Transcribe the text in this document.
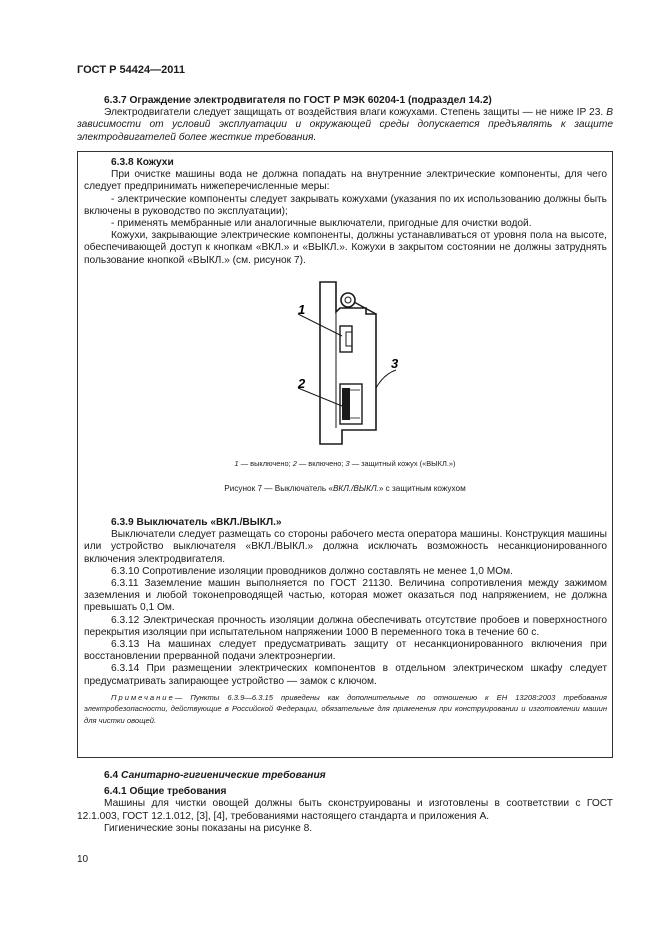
ГОСТ Р 54424—2011

6.3.7 Ограждение электродвигателя по ГОСТ Р МЭК 60204-1 (подраздел 14.2)

Электродвигатели следует защищать от воздействия влаги кожухами. Степень защиты — не ниже IP 23. В зависимости от условий эксплуатации и окружающей среды допускается предъявлять к защите электродвигателей более жесткие требования.

6.3.8 Кожухи

При очистке машины вода не должна попадать на внутренние электрические компоненты, для чего следует предпринимать нижеперечисленные меры:

- электрические компоненты следует закрывать кожухами (указания по их использованию должны быть включены в руководство по эксплуатации);

- применять мембранные или аналогичные выключатели, пригодные для очистки водой.

Кожухи, закрывающие электрические компоненты, должны устанавливаться от уровня пола на высоте, обеспечивающей доступ к кнопкам «ВКЛ.» и «ВЫКЛ.». Кожухи в закрытом состоянии не должны затруднять пользование кнопкой «ВЫКЛ.» (см. рисунок 7).

1
2
3
1 — выключено; 2 — включено; 3 — защитный кожух («ВЫКЛ.»)
Рисунок 7 — Выключатель «ВКЛ./ВЫКЛ.» с защитным кожухом

6.3.9 Выключатель «ВКЛ./ВЫКЛ.»

Выключатели следует размещать со стороны рабочего места оператора машины. Конструкция машины или устройство выключателя «ВКЛ./ВЫКЛ.» должна исключать возможность несанкционированного включения электродвигателя.

6.3.10 Сопротивление изоляции проводников должно составлять не менее 1,0 МОм.

6.3.11 Заземление машин выполняется по ГОСТ 21130. Величина сопротивления между зажимом заземления и любой токонепроводящей частью, которая может оказаться под напряжением, не должна превышать 0,1 Ом.

6.3.12 Электрическая прочность изоляции должна обеспечивать отсутствие пробоев и поверхностного перекрытия изоляции при испытательном напряжении 1000 В переменного тока в течение 60 с.

6.3.13 На машинах следует предусматривать защиту от несанкционированного включения при восстановлении прерванной подачи электроэнергии.

6.3.14 При размещении электрических компонентов в отдельном электрическом шкафу следует предусматривать запирающее устройство — замок с ключом.

Примечание— Пункты 6.3.9—6.3.15 приведены как дополнительные по отношению к ЕН 13208:2003 требования электробезопасности, действующие в Российской Федерации, обязательные для применения при конструировании и изготовлении машин для чистки овощей.

6.4 Санитарно-гигиенические требования

6.4.1 Общие требования

Машины для чистки овощей должны быть сконструированы и изготовлены в соответствии с ГОСТ 12.1.003, ГОСТ 12.1.012, [3], [4], требованиями настоящего стандарта и приложения А.

Гигиенические зоны показаны на рисунке 8.

10
